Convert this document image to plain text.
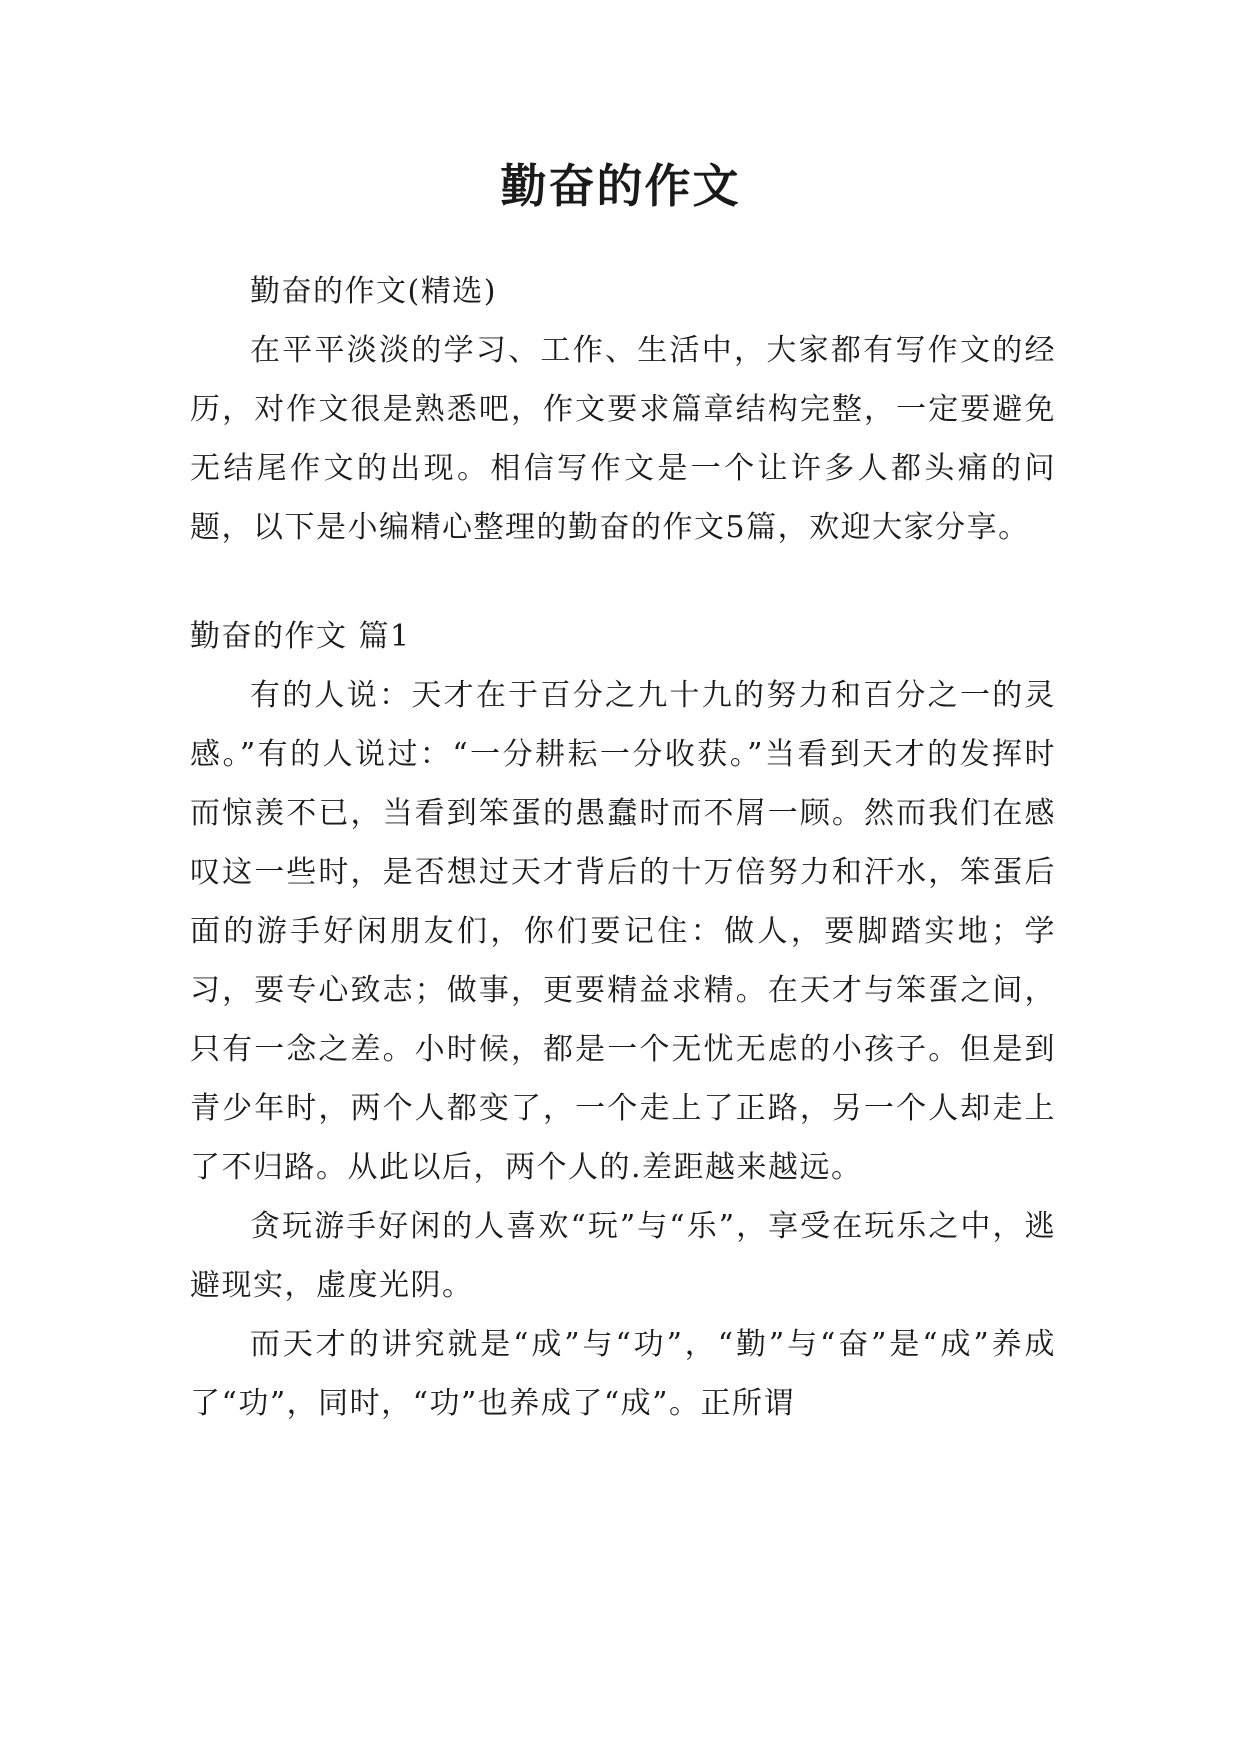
勤奋的作文

勤奋的作文(精选)

在平平淡淡的学习、工作、生活中，大家都有写作文的经历，对作文很是熟悉吧，作文要求篇章结构完整，一定要避免无结尾作文的出现。相信写作文是一个让许多人都头痛的问题，以下是小编精心整理的勤奋的作文5篇，欢迎大家分享。

勤奋的作文 篇1

有的人说：天才在于百分之九十九的努力和百分之一的灵感。”有的人说过：“一分耕耘一分收获。”当看到天才的发挥时而惊羡不已，当看到笨蛋的愚蠢时而不屑一顾。然而我们在感叹这一些时，是否想过天才背后的十万倍努力和汗水，笨蛋后面的游手好闲朋友们，你们要记住：做人，要脚踏实地；学习，要专心致志；做事，更要精益求精。在天才与笨蛋之间，只有一念之差。小时候，都是一个无忧无虑的小孩子。但是到青少年时，两个人都变了，一个走上了正路，另一个人却走上了不归路。从此以后，两个人的.差距越来越远。

贪玩游手好闲的人喜欢“玩”与“乐”，享受在玩乐之中，逃避现实，虚度光阴。

而天才的讲究就是“成”与“功”，“勤”与“奋”是“成”养成了“功”，同时，“功”也养成了“成”。正所谓
